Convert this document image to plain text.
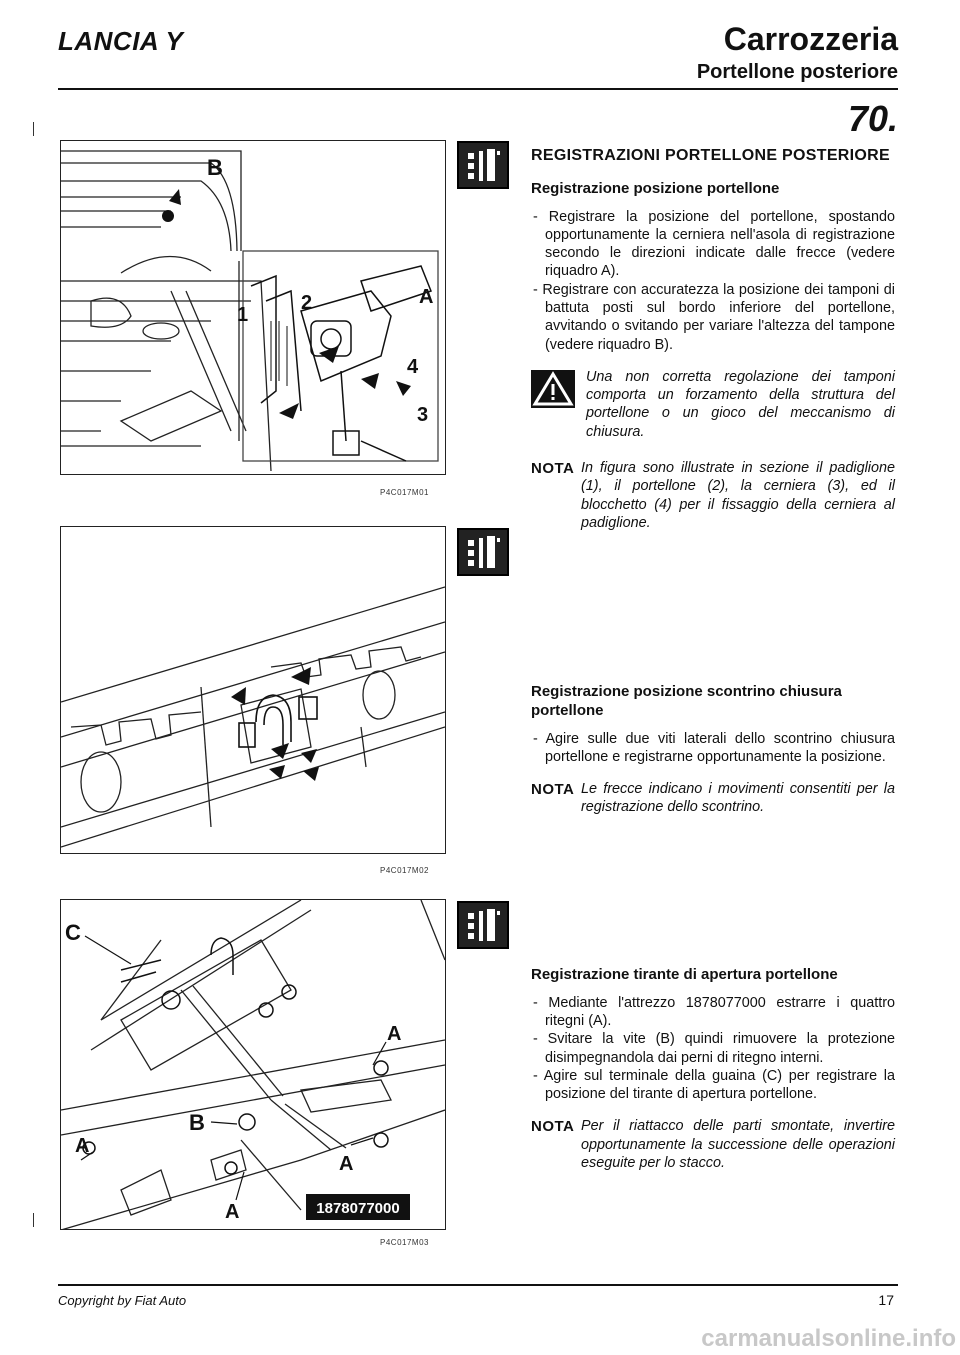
LANCIA Y	Carrozzeria
Portellone posteriore
70.
B
A
1
2
3
4
P4C017M01
P4C017M02
1878077000
C
B
A
A
A
A
P4C017M03
REGISTRAZIONI PORTELLONE POSTERIORE
Registrazione posizione portellone
- Registrare la posizione del portellone, spostando opportunamente la cerniera nell'asola di registrazione secondo le direzioni indicate dalle frecce (vedere riquadro A).
- Registrare con accuratezza la posizione dei tamponi di battuta posti sul bordo inferiore del portellone, avvitando o svitando per variare l'altezza del tampone (vedere riquadro B).
Una non corretta regolazione dei tamponi comporta un forzamento della struttura del portellone o un gioco del meccanismo di chiusura.
NOTA In figura sono illustrate in sezione il padiglione (1), il portellone (2), la cerniera (3), ed il blocchetto (4) per il fissaggio della cerniera al padiglione.
Registrazione posizione scontrino chiusura portellone
- Agire sulle due viti laterali dello scontrino chiusura portellone e registrarne opportunamente la posizione.
NOTA Le frecce indicano i movimenti consentiti per la registrazione dello scontrino.
Registrazione tirante di apertura portellone
- Mediante l'attrezzo 1878077000 estrarre i quattro ritegni (A).
- Svitare la vite (B) quindi rimuovere la protezione disimpegnandola dai perni di ritegno interni.
- Agire sul terminale della guaina (C) per registrare la posizione del tirante di apertura portellone.
NOTA Per il riattacco delle parti smontate, invertire opportunamente la successione delle operazioni eseguite per lo stacco.
Copyright by Fiat Auto	17
carmanualsonline.info
